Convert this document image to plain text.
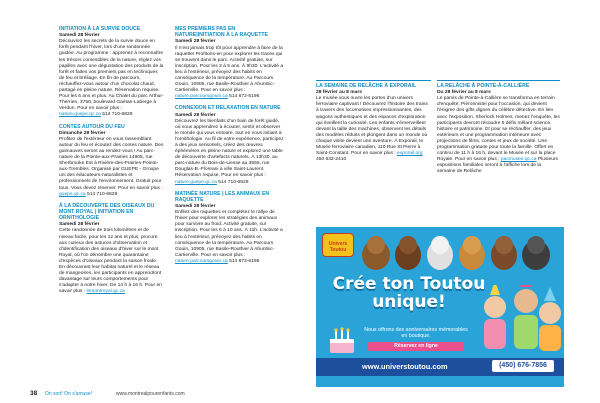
INITIATION À LA SURVIE DOUCE

Samedi 28 février

Découvrez les secrets de la survie douce en forêt pendant l'hiver, lors d'une randonnée guidée. Au programme : apprenez à reconnaître les trésors comestibles de la nature, réglez vos papilles avec une dégustation des produits de la forêt et faites vos premiers pas en techniques de feu et bréliage. En fin de parcours, réchauffez-vous autour d'un chocolat chaud, partagé en pleine nature. Réservation requise. Pour les 6 ans et plus. Au Chalet du parc Arthur-Therrien, 3750, boulevard Gaétan-Laberge à Verdun. Pour en savoir plus : nature.guepe.qc.ca 514 710-6829

CONTES AUTOUR DU FEU

Dimanche 28 février

Profitez de l'extérieur en vous rassemblant autour du feu et écoutez des contes nature. Des guimauves seront au rendez-vous ! Au parc-nature de la Pointe-aux-Prairies 14905, rue Sherbrooke Est à Rivière-des-Prairies-Pointe-aux-Trembles. Organisé par GUEPE - Groupe uni des éducateurs-naturalistes et professionnels de l'environnement. Gratuit pour tous. Vous devez réserver. Pour en savoir plus : guepe.qc.ca 514 710-6829

À LA DÉCOUVERTE DES OISEAUX DU MONT ROYAL | INITIATION EN ORNITHOLOGIE

Samedi 28 février

Cette randonnée de trois kilomètres et de niveau facile, pour les 12 ans et plus, procure aux curieux des astuces d'observation et d'identification des oiseaux d'hiver sur le mont Royal, où l'on dénombre une quarantaine d'espèces d'oiseaux pendant la saison froide. En découvrant leur habitat naturel et le réseau de mangeoires, les participants en apprendront davantage sur leurs comportements pour s'adapter à notre hiver. De 14 h à 16 h. Pour en savoir plus : lemontroyal.qc.ca

MES PREMIERS PAS EN NATURE|INITIATION À LA RAQUETTE

Samedi 28 février

Il n'est jamais trop tôt pour apprendre à faire de la raquette! Profitons-en pour explorer les traces qui se trouvent dans le parc. Activité gratuite, sur inscription. Pour les 3 à 5 ans. À 9h30. L'activité a lieu à l'extérieur, prévoyez des habits en conséquence de la température. Au Parcours Gouin, 10905, rue Basile-Routhier à Ahuntsic-Cartierville. Pour en savoir plus : nature.parcoursgouin.ca 514 872-6196

CONNEXION ET RELAXATION EN NATURE

Samedi 28 février

Découvrez les bienfaits d'un bain de forêt guidé, où vous apprendrez à écouter, sentir et observer le monde qui vous entoure, tout en vous initiant à l'ornithologie. Au fil de votre expérience, participez à des jeux sensoriels, créez des œuvres éphémères en pleine nature et explorez une table de découverte d'artefacts naturels. À 13h30, au parc-nature du Bois-de-Liesse au 3555, rue Douglas-B.-Floreani à ville Saint-Laurent. Réservation requise. Pour en savoir plus : nature.guepe.qc.ca 514 710-6829

MATINÉE NATURE | LES ANIMAUX EN RAQUETTE

Samedi 28 février

Enfilez des raquettes et complétez le rallye de l'hiver pour explorer les stratégies des animaux pour survivre au froid. Activité gratuite, sur inscription. Pour les 6 à 10 ans. À 11h. L'activité a lieu à l'extérieur, prévoyez des habits en conséquence de la température. Au Parcours Gouin, 10905, rue Basile-Routhier à Ahuntsic-Cartierville. Pour en savoir plus : nature.parcoursgouin.ca 514 872-6196

LA SEMAINE DE RELÂCHE À EXPORAIL

28 février au 8 mars

Le musée vous ouvre les portes d'un univers ferroviaire captivant ! Découvrez l'histoire des trains à travers des locomotives impressionnantes, des wagons authentiques et des espaces d'exploration qui éveillent la curiosité. Les enfants s'émerveillent devant la taille des machines, observent les détails des modèles réduits et plongent dans un monde où chaque visite devient une aventure. À Exporail, le Musée ferroviaire canadien, 110 Rue St Pierre à Saint-Constant. Pour en savoir plus : exporail.org 450 632-2410

LA RELÂCHE À POINTE-À-CALLIÈRE

Du 28 février au 8 mars

Le parvis de Pointe-à-Callière se transforma en terrain d'enquête. Pièronnistel pour l'occasion, qui devient l'énigme des gifts dignes du célèbre détective. En lien avec l'exposition, Sherlock Holmes, menez l'enquête, les participants devront résoudre 5 défis mêlant science, histoire et patrimoine. Et pour se réchauffer, des jeux extérieurs et une programmation intérieure avec projections de films, contes et jeux de société. Une programmation gratuite pour toute la famille. Offert en continu de 11 h à 16 h, devant le Musée et sur la place Royale. Pour en savoir plus : pacmusee.qc.ca Plusieurs expositions familiales seront à l'affiche lors de la semaine de Relâche

Univers Toutou
Crée ton Toutou
unique!
Nous offrons des anniversaires mémorables en boutique.
Réservez en ligne
www.universtoutou.com	(450) 676-7856
38 On sort! On s'amuse!	www.montrealpourenfants.com
